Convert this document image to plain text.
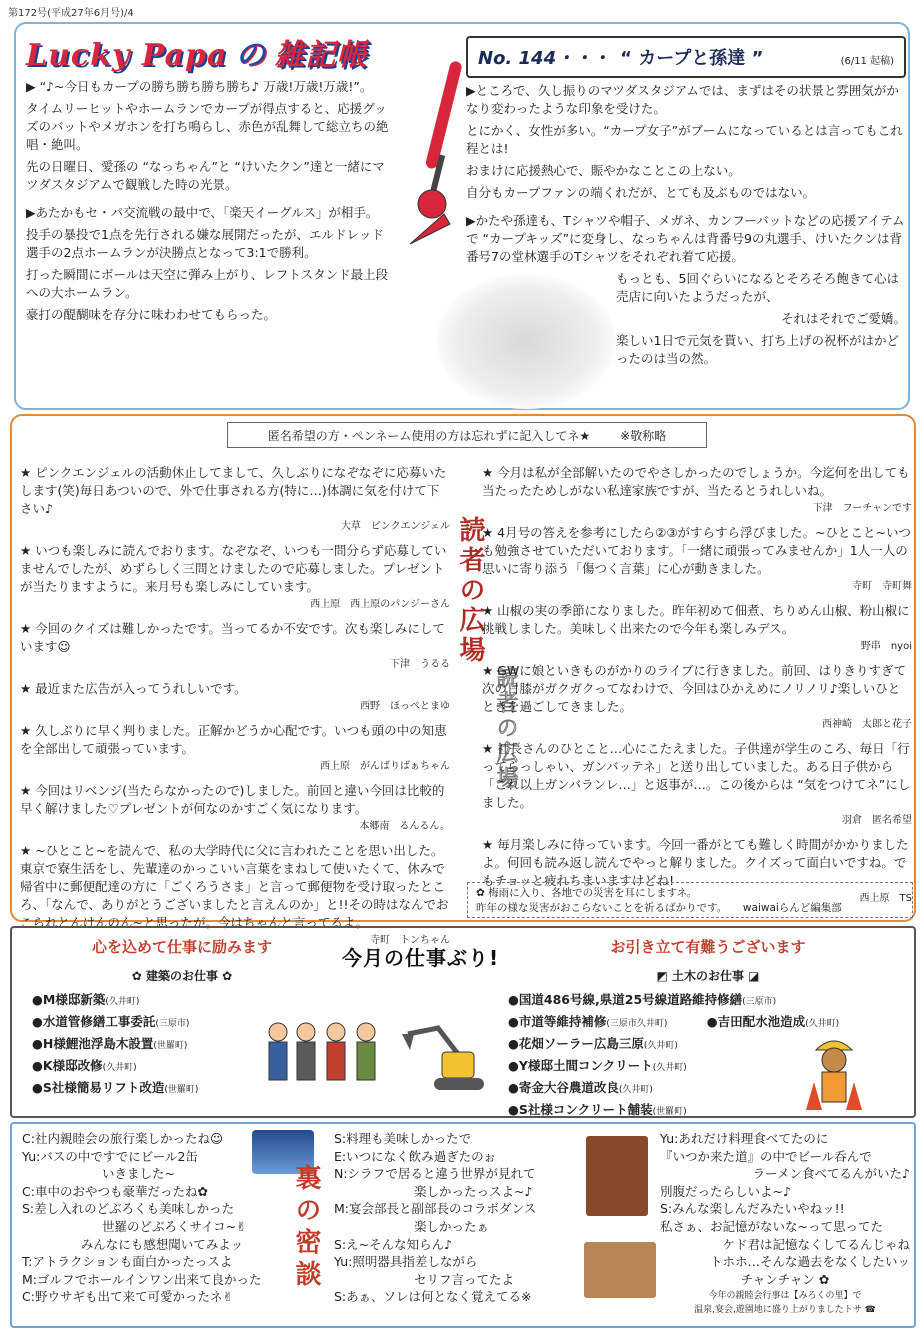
第172号(平成27年6月号)/4
Lucky Papa の 雑記帳

▶ “♪~今日もカープの勝ち勝ち勝ち勝ち♪ 万歳!万歳!万歳!”。

タイムリーヒットやホームランでカープが得点すると、応援グッズのバットやメガホンを打ち鳴らし、赤色が乱舞して総立ちの絶唱・絶叫。

先の日曜日、愛孫の “なっちゃん”と “けいたクン”達と一緒にマツダスタジアムで観戦した時の光景。

▶あたかもセ・パ交流戦の最中で、「楽天イーグルス」が相手。

投手の暴投で1点を先行される嫌な展開だったが、エルドレッド選手の2点ホームランが決勝点となって3:1で勝利。

打った瞬間にボールは天空に弾み上がり、レフトスタンド最上段への大ホームラン。

豪打の醍醐味を存分に味わわせてもらった。

No. 144・・・ “ カープと孫達 ”	(6/11 起稿)

▶ところで、久し振りのマツダスタジアムでは、まずはその状景と雰囲気がかなり変わったような印象を受けた。

とにかく、女性が多い。“カープ女子”がブームになっているとは言ってもこれ程とは!

おまけに応援熱心で、賑やかなことこの上ない。

自分もカープファンの端くれだが、とても及ぶものではない。

▶かたや孫達も、Tシャツや帽子、メガネ、カンフーバットなどの応援アイテムで “カープキッズ”に変身し、なっちゃんは背番号9の丸選手、けいたクンは背番号7の堂林選手のTシャツをそれぞれ着て応援。

もっとも、5回ぐらいになるとそろそろ飽きて心は売店に向いたようだったが、

それはそれでご愛嬌。

楽しい1日で元気を貰い、打ち上げの祝杯がはかどったのは当の然。

匿名希望の方・ペンネーム使用の方は忘れずに記入してネ★	※敬称略

★ ピンクエンジェルの活動休止してまして、久しぶりになぞなぞに応募いたします(笑)毎日あついので、外で仕事される方(特に…)体調に気を付けて下さい♪

大草　ピンクエンジェル

★ いつも楽しみに読んでおります。なぞなぞ、いつも一問分らず応募していませんでしたが、めずらしく三問とけましたので応募しました。プレゼントが当たりますように。来月号も楽しみにしています。

西上原　西上原のパンジーさん

★ 今回のクイズは難しかったです。当ってるか不安です。次も楽しみにしています☺

下津　うるる

★ 最近また広告が入ってうれしいです。

西野　ほっぺとまゆ

★ 久しぶりに早く判りました。正解かどうか心配です。いつも頭の中の知恵を全部出して頑張っています。

西上原　がんばりばぁちゃん

★ 今回はリベンジ(当たらなかったので)しました。前回と違い今回は比較的早く解けました♡プレゼントが何なのかすごく気になります。

本郷南　るんるん。

★ ~ひとこと~を読んで、私の大学時代に父に言われたことを思い出した。東京で寮生活をし、先輩達のかっこいい言葉をまねして使いたくて、休みで帰省中に郵便配達の方に「ごくろうさま」と言って郵便物を受け取ったところ、「なんで、ありがとうございましたと言えんのか」と!!その時はなんでおこられとんけんのん~と思ったが。今はちゃんと言ってるよ。

寺町　トンちゃん

読者の広場
読者の広場

★ 今月は私が全部解いたのでやさしかったのでしょうか。今迄何を出しても当たったためしがない私達家族ですが、当たるとうれしいね。

下津　フーチャンです

★ 4月号の答えを参考にしたら②③がすらすら浮びました。~ひとこと~いつも勉強させていただいております。「一緒に頑張ってみませんか」1人一人の思いに寄り添う「傷つく言葉」に心が動きました。

寺町　寺町舞

★ 山椒の実の季節になりました。昨年初めて佃煮、ちりめん山椒、粉山椒に挑戦しました。美味しく出来たので今年も楽しみデス。

野串　nyoi

★ GWに娘といきものがかりのライブに行きました。前回、はりきりすぎて次の日膝がガクガクってなわけで、今回はひかえめにノリノリ♪楽しいひとときを過ごしてきました。

西神崎　太郎と花子

★ 社長さんのひとこと…心にこたえました。子供達が学生のころ、毎日「行ってらっしゃい、ガンバッテネ」と送り出していました。ある日子供から「これ以上ガンバランレ…」と返事が…。この後からは “気をつけてネ”にしました。

羽倉　匿名希望

★ 毎月楽しみに待っています。今回一番がとても難しく時間がかかりましたよ。何回も読み返し読んでやっと解りました。クイズって面白いですね。でもチョッと疲れちまいますけどね!

西上原　TS

✿ 梅雨に入り、各地での災害を耳にしますネ。
昨年の様な災害がおこらないことを祈るばかりです。　　 waiwaiらんど編集部
心を込めて仕事に励みます
✿ 建築のお仕事 ✿
●M様邸新築(久井町)
●水道管修繕工事委託(三原市)
●H様鯉池浮島木設置(世羅町)
●K様邸改修(久井町)
●S社様簡易リフト改造(世羅町)
今月の仕事ぶり!	お引き立て有難うございます
◩ 土木のお仕事 ◪
●国道486号線,県道25号線道路維持修繕(三原市)
●市道等維持補修(三原市久井町)
●花畑ソーラー広島三原(久井町)
●Y様邸土間コンクリート(久井町)
●寄金大谷農道改良(久井町)
●S社様コンクリート舗装(世羅町)
●吉田配水池造成(久井町)

C:社内親睦会の旅行楽しかったね☺

Yu:バスの中ですでにビール2缶

いきました~

C:車中のおやつも豪華だったね✿

S:差し入れのどぶろくも美味しかった

世羅のどぶろくサイコ~✌

みんなにも感想聞いてみよッ

T:アトラクションも面白かったっスよ

M:ゴルフでホールインワン出来て良かった

C:野ウサギも出て来て可愛かったネ✌

裏の密談

S:料理も美味しかったで

E:いつになく飲み過ぎたのぉ

N:シラフで居ると違う世界が見れて

楽しかったっスよ~♪

M:宴会部長と副部長のコラボダンス

楽しかったぁ

S:え~そんな知らん♪

Yu:照明器具指差しながら

セリフ言ってたよ

S:あぁ、ソレは何となく覚えてる※

Yu:あれだけ料理食べてたのに

『いつか来た道』の中でビール呑んで

ラーメン食べてるんがいた♪

別腹だったらしいよ~♪

S:みんな楽しんだみたいやねッ!!

私さぁ、お記憶がないな~って思ってた

ケド君は記憶なくしてるんじゃね

トホホ…そんな過去をなくしたいッ

チャンチャン ✿

今年の親睦会行事は【みろくの里】で

温泉,宴会,遊園地に盛り上がりましたトサ ☎
